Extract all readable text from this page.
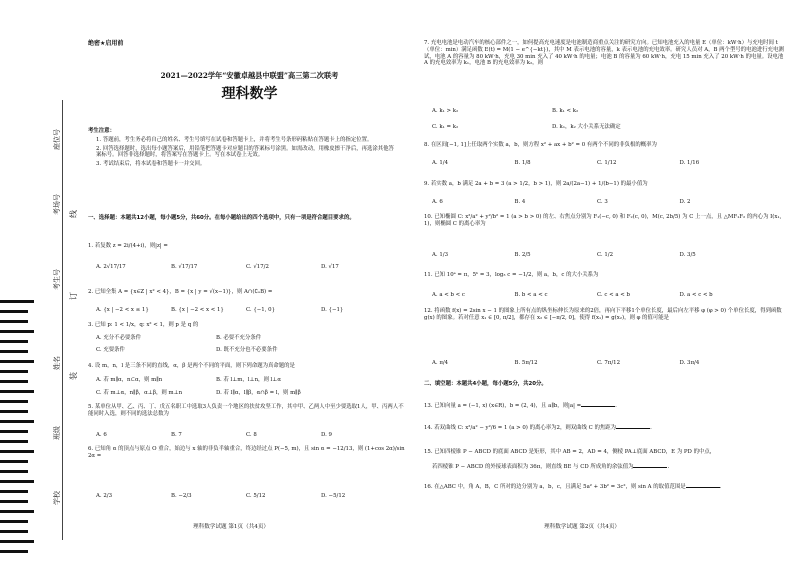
座位号
考场号
考生号
姓名
班级
学校
线
订
装
绝密★启用前
2021—2022学年“安徽卓越县中联盟”高三第二次联考
理科数学
考生注意：
1. 答题前，考生务必将自己的姓名、考生号填写在试卷和答题卡上，并将考生号条形码粘贴在答题卡上的指定位置。
2. 回答选择题时，选出每小题答案后，用铅笔把答题卡对应题目的答案标号涂黑。如需改动，用橡皮擦干净后，再选涂其他答案标号。回答非选择题时，将答案写在答题卡上。写在本试卷上无效。
3. 考试结束后，将本试卷和答题卡一并交回。
一、选择题：本题共12小题，每小题5分，共60分。在每小题给出的四个选项中，只有一项是符合题目要求的。
1. 若复数 z = 2i/(4+i)，则|z| =
A. 2√17/17	B. √17/17	C. √17/2	D. √17
2. 已知全集 A = {x∈Z | x² < 4}，B = {x | y = √(x−1)}，则 A∩(∁ᵤB) =
A. {x | −2 < x ≤ 1}	B. {x | −2 < x < 1}	C. {−1, 0}	D. {−1}
3. 已知 p: 1 < 1/x，q: x² < 1，则 p 是 q 的
A. 充分不必要条件	B. 必要不充分条件
C. 充要条件	D. 既不充分也不必要条件
4. 设 m，n，l 是三条不同的直线，α，β 是两个不同的平面，则下列命题为真命题的是
A. 若 m∥α，n⊂α，则 m∥n	B. 若 l⊥m，l⊥n，则 l⊥α
C. 若 m⊥α，n∥β，α⊥β，则 m⊥n	D. 若 l∥α，l∥β，α∩β = l，则 m∥β
5. 某单位从甲、乙、丙、丁、戊五名职工中选取3人负责一个地区的扶贫攻坚工作，其中甲、乙两人中至少要选取1人，甲、丙两人不能同时入选，则不同的选法总数为
A. 6	B. 7	C. 8	D. 9
6. 已知角 α 的顶点与原点 O 重合，始边与 x 轴的非负半轴重合，终边经过点 P(−5, m)，且 sin α = −12/13，则 (1+cos 2α)/sin 2α =
A. 2/3	B. −2/3	C. 5/12	D. −5/12
理科数学试题 第1页（共4页）
7. 充电电池是电动汽车的核心部件之一，如何提高充电速度是电池制造商重点关注的研究方向。已知电池充入的电量 E（单位：kW·h）与充电时间 t（单位：min）满足函数 E(t) = M(1 − e^{−kt})，其中 M 表示电池的容量，k 表示电池的充电效率。研究人员对 A，B 两个型号的电池进行充电测试，电池 A 的容量为 80 kW·h，充电 30 min 充入了 40 kW·h 的电量；电池 B 的容量为 60 kW·h，充电 15 min 充入了 20 kW·h 的电量。设电池 A 的充电效率为 k₁，电池 B 的充电效率为 k₂，则
A. k₁ > k₂	B. k₁ < k₂
C. k₁ = k₂	D. k₁，k₂ 大小关系无法确定
8. 在区间[−1, 1]上任取两个实数 a，b，则方程 x² + ax + b² = 0 有两个不同的非负根的概率为
A. 1/4	B. 1/8	C. 1/12	D. 1/16
9. 若实数 a，b 满足 2a + b = 3 (a > 1/2，b > 1)，则 2a/(2a−1) + 1/(b−1) 的最小值为
A. 6	B. 4	C. 3	D. 2
10. 已知椭圆 C: x²/a² + y²/b² = 1 (a > b > 0) 的左、右焦点分别为 F₁(−c, 0) 和 F₂(c, 0)，M(c, 2b/5) 为 C 上一点，且 △MF₁F₂ 的内心为 I(x₁, 1)，则椭圆 C 的离心率为
A. 1/3	B. 2/5	C. 1/2	D. 3/5
11. 已知 10ᵃ = π，5ᵇ = 3，log₃ c = −1/2，则 a，b，c 的大小关系为
A. a < b < c	B. b < a < c	C. c < a < b	D. a < c < b
12. 将函数 f(x) = 2sin x − 1 的图象上所有点的纵坐标伸长为原来的2倍，再向下平移1个单位长度，最后向左平移 φ (φ > 0) 个单位长度，得到函数 g(x) 的图象。若对任意 x₁ ∈ [0, π/2]，都存在 x₂ ∈ [−π/2, 0]，使得 f(x₁) = g(x₂)，则 φ 的值可能是
A. π/4	B. 5π/12	C. 7π/12	D. 3π/4
二、填空题：本题共4小题，每小题5分，共20分。
13. 已知向量 a = (−1, x) (x∈R)，b = (2, 4)，且 a∥b，则|a| =	.
14. 若双曲线 C: x²/a² − y²/6 = 1 (a > 0) 的离心率为2，则双曲线 C 的焦距为	.
15. 已知四棱锥 P − ABCD 的底面 ABCD 是矩形，其中 AB = 2，AD = 4，侧棱 PA⊥底面 ABCD，E 为 PD 的中点，
若四棱锥 P − ABCD 的外接球表面积为 36π，则直线 BE 与 CD 所成角的余弦值为	.
16. 在△ABC 中，角 A，B，C 所对的边分别为 a，b，c，且满足 5a² + 3b² = 3c²，则 sin A 的取值范围是	.
理科数学试题 第2页（共4页）
